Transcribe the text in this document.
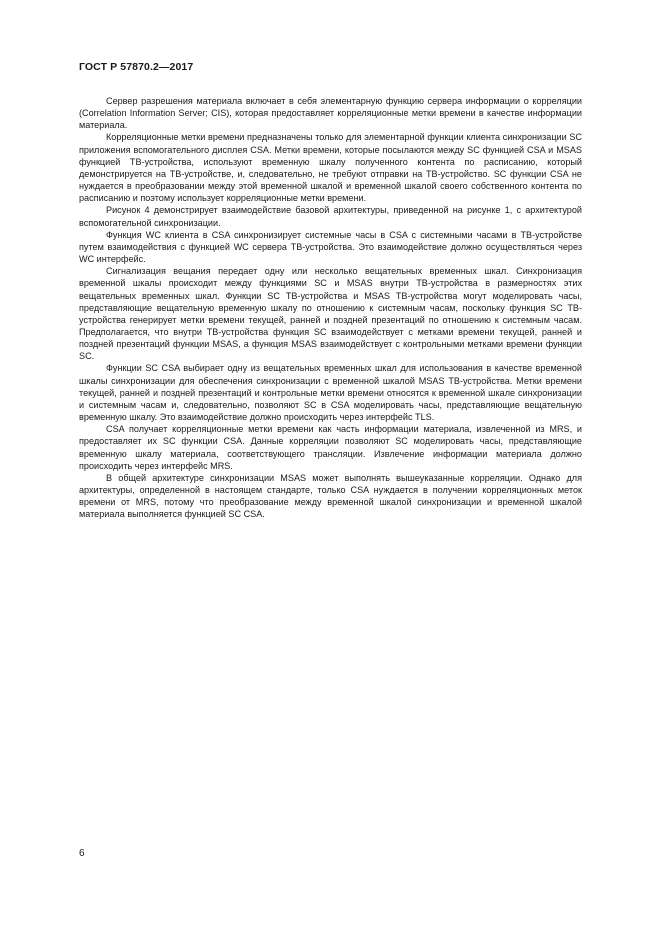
ГОСТ Р 57870.2—2017

Сервер разрешения материала включает в себя элементарную функцию сервера информации о корреляции (Correlation Information Server; CIS), которая предоставляет корреляционные метки времени в качестве информации материала.

Корреляционные метки времени предназначены только для элементарной функции клиента синхронизации SC приложения вспомогательного дисплея CSA. Метки времени, которые посылаются между SC функцией CSA и MSAS функцией ТВ-устройства, используют временную шкалу полученного контента по расписанию, который демонстрируется на ТВ-устройстве, и, следовательно, не требуют отправки на ТВ-устройство. SC функции CSA не нуждается в преобразовании между этой временной шкалой и временной шкалой своего собственного контента по расписанию и поэтому использует корреляционные метки времени.

Рисунок 4 демонстрирует взаимодействие базовой архитектуры, приведенной на рисунке 1, с архитектурой вспомогательной синхронизации.

Функция WC клиента в CSA синхронизирует системные часы в CSA с системными часами в ТВ-устройстве путем взаимодействия с функцией WC сервера ТВ-устройства. Это взаимодействие должно осуществляться через WC интерфейс.

Сигнализация вещания передает одну или несколько вещательных временных шкал. Синхронизация временной шкалы происходит между функциями SC и MSAS внутри ТВ-устройства в размерностях этих вещательных временных шкал. Функции SC ТВ-устройства и MSAS ТВ-устройства могут моделировать часы, представляющие вещательную временную шкалу по отношению к системным часам, поскольку функция SC ТВ-устройства генерирует метки времени текущей, ранней и поздней презентаций по отношению к системным часам. Предполагается, что внутри ТВ-устройства функция SC взаимодействует с метками времени текущей, ранней и поздней презентаций функции MSAS, а функция MSAS взаимодействует с контрольными метками времени функции SC.

Функции SC CSA выбирает одну из вещательных временных шкал для использования в качестве временной шкалы синхронизации для обеспечения синхронизации с временной шкалой MSAS ТВ-устройства. Метки времени текущей, ранней и поздней презентаций и контрольные метки времени относятся к временной шкале синхронизации и системным часам и, следовательно, позволяют SC в CSA моделировать часы, представляющие вещательную временную шкалу. Это взаимодействие должно происходить через интерфейс TLS.

CSA получает корреляционные метки времени как часть информации материала, извлеченной из MRS, и предоставляет их SC функции CSA. Данные корреляции позволяют SC моделировать часы, представляющие временную шкалу материала, соответствующего трансляции. Извлечение информации материала должно происходить через интерфейс MRS.

В общей архитектуре синхронизации MSAS может выполнять вышеуказанные корреляции. Однако для архитектуры, определенной в настоящем стандарте, только CSA нуждается в получении корреляционных меток времени от MRS, потому что преобразование между временной шкалой синхронизации и временной шкалой материала выполняется функцией SC CSA.

6
